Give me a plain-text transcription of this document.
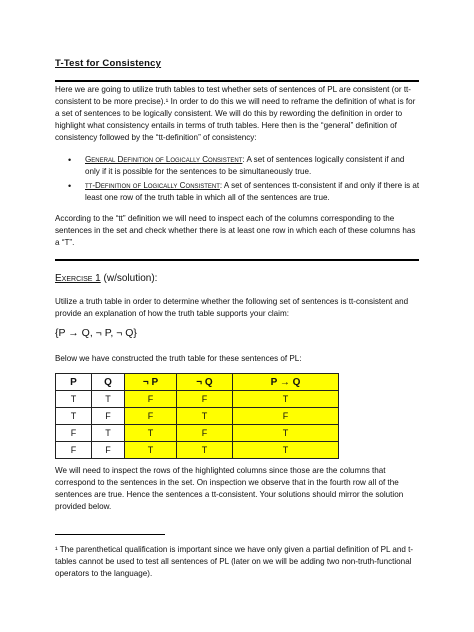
T-Test for Consistency
Here we are going to utilize truth tables to test whether sets of sentences of PL are consistent (or tt-consistent to be more precise).¹ In order to do this we will need to reframe the definition of what is for a set of sentences to be logically consistent. We will do this by rewording the definition in order to highlight what consistency entails in terms of truth tables. Here then is the “general” definition of consistency followed by the “tt-definition” of consistency:
• General Definition of Logically Consistent: A set of sentences logically consistent if and only if it is possible for the sentences to be simultaneously true.
• tt-Definition of Logically Consistent: A set of sentences tt-consistent if and only if there is at least one row of the truth table in which all of the sentences are true.
According to the “tt” definition we will need to inspect each of the columns corresponding to the sentences in the set and check whether there is at least one row in which each of these columns has a “T”.
Exercise 1 (w/solution):
Utilize a truth table in order to determine whether the following set of sentences is tt-consistent and provide an explanation of how the truth table supports your claim:
{P → Q, ¬ P, ¬ Q}
Below we have constructed the truth table for these sentences of PL:
P	Q	¬ P	¬ Q	P → Q
T	T	F	F	T
T	F	F	T	F
F	T	T	F	T
F	F	T	T	T
We will need to inspect the rows of the highlighted columns since those are the columns that correspond to the sentences in the set. On inspection we observe that in the fourth row all of the sentences are true. Hence the sentences a tt-consistent. Your solutions should mirror the solution provided below.
¹ The parenthetical qualification is important since we have only given a partial definition of PL and t-tables cannot be used to test all sentences of PL (later on we will be adding two non-truth-functional operators to the language).
